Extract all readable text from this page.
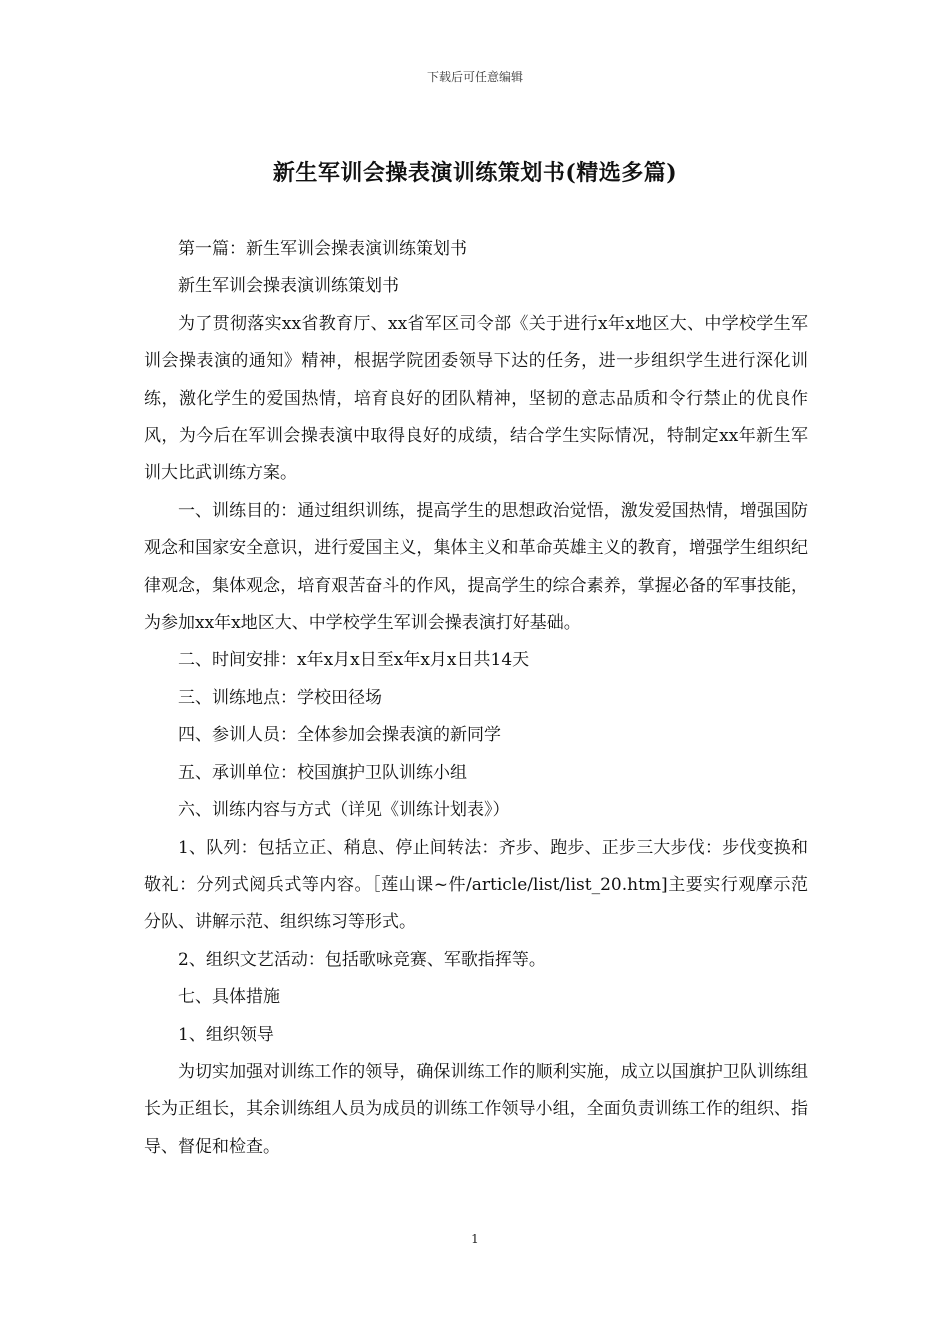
下载后可任意编辑
新生军训会操表演训练策划书(精选多篇)

第一篇：新生军训会操表演训练策划书

新生军训会操表演训练策划书

为了贯彻落实xx省教育厅、xx省军区司令部《关于进行x年x地区大、中学校学生军训会操表演的通知》精神，根据学院团委领导下达的任务，进一步组织学生进行深化训练，激化学生的爱国热情，培育良好的团队精神，坚韧的意志品质和令行禁止的优良作风，为今后在军训会操表演中取得良好的成绩，结合学生实际情况，特制定xx年新生军训大比武训练方案。

一、训练目的：通过组织训练，提高学生的思想政治觉悟，激发爱国热情，增强国防观念和国家安全意识，进行爱国主义，集体主义和革命英雄主义的教育，增强学生组织纪律观念，集体观念，培育艰苦奋斗的作风，提高学生的综合素养，掌握必备的军事技能，为参加xx年x地区大、中学校学生军训会操表演打好基础。

二、时间安排：x年x月x日至x年x月x日共14天

三、训练地点：学校田径场

四、参训人员：全体参加会操表演的新同学

五、承训单位：校国旗护卫队训练小组

六、训练内容与方式（详见《训练计划表》）

1、队列：包括立正、稍息、停止间转法：齐步、跑步、正步三大步伐：步伐变换和敬礼：分列式阅兵式等内容。［莲山课~件/article/list/list_20.htm]主要实行观摩示范分队、讲解示范、组织练习等形式。

2、组织文艺活动：包括歌咏竞赛、军歌指挥等。

七、具体措施

1、组织领导

为切实加强对训练工作的领导，确保训练工作的顺利实施，成立以国旗护卫队训练组长为正组长，其余训练组人员为成员的训练工作领导小组，全面负责训练工作的组织、指导、督促和检查。

1
